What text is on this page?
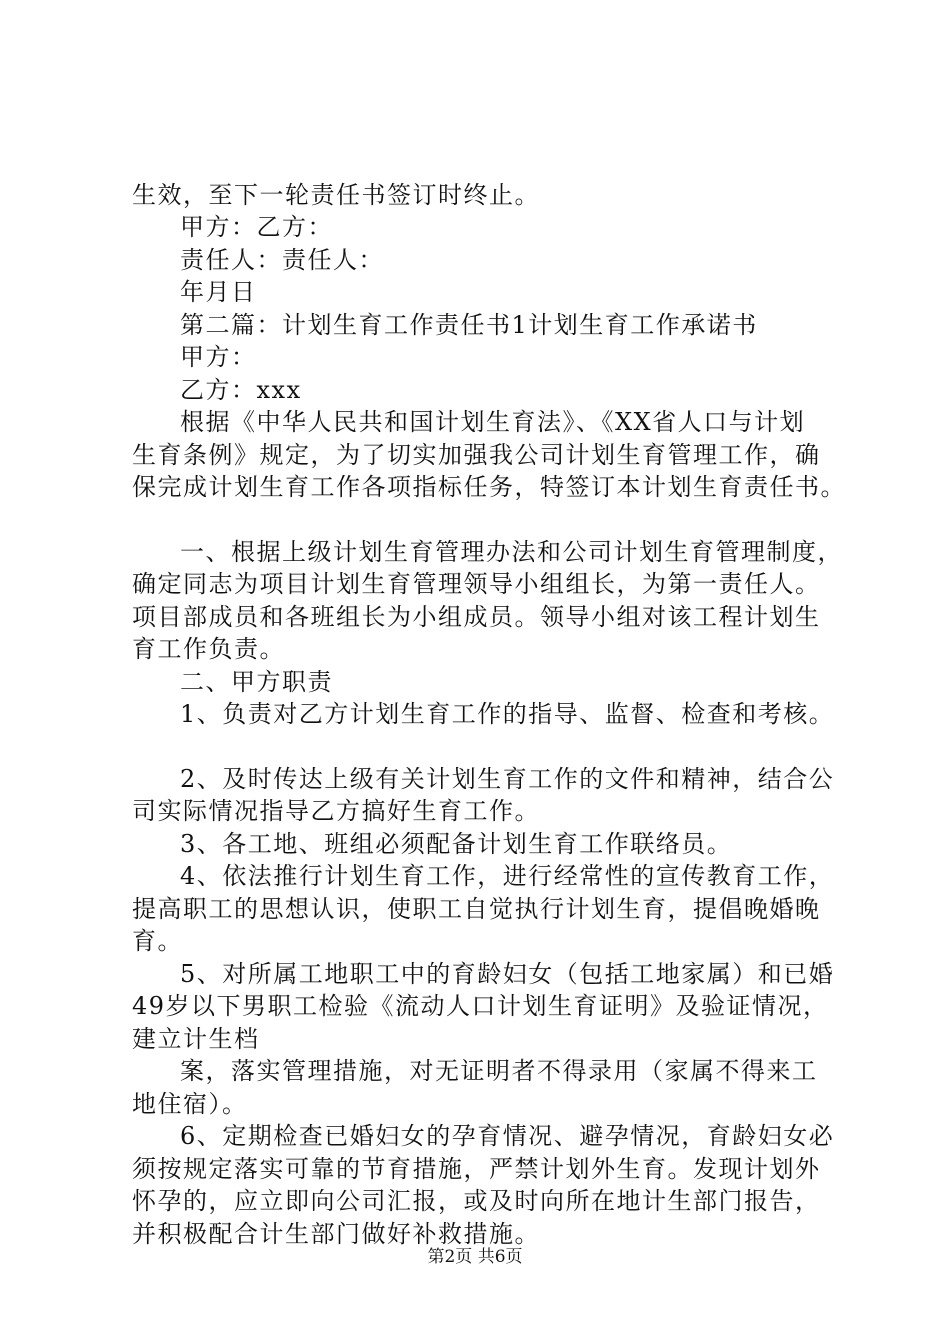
生效，至下一轮责任书签订时终止。
甲方：乙方：
责任人：责任人：
年月日
第二篇：计划生育工作责任书1计划生育工作承诺书
甲方：
乙方：xxx
根据《中华人民共和国计划生育法》、《XX省人口与计划
生育条例》规定，为了切实加强我公司计划生育管理工作，确
保完成计划生育工作各项指标任务，特签订本计划生育责任书。
一、根据上级计划生育管理办法和公司计划生育管理制度，
确定同志为项目计划生育管理领导小组组长，为第一责任人。
项目部成员和各班组长为小组成员。领导小组对该工程计划生
育工作负责。
二、甲方职责
1、负责对乙方计划生育工作的指导、监督、检查和考核。
2、及时传达上级有关计划生育工作的文件和精神，结合公
司实际情况指导乙方搞好生育工作。
3、各工地、班组必须配备计划生育工作联络员。
4、依法推行计划生育工作，进行经常性的宣传教育工作，
提高职工的思想认识，使职工自觉执行计划生育，提倡晚婚晚
育。
5、对所属工地职工中的育龄妇女（包括工地家属）和已婚
49岁以下男职工检验《流动人口计划生育证明》及验证情况，
建立计生档
案，落实管理措施，对无证明者不得录用（家属不得来工
地住宿）。
6、定期检查已婚妇女的孕育情况、避孕情况，育龄妇女必
须按规定落实可靠的节育措施，严禁计划外生育。发现计划外
怀孕的，应立即向公司汇报，或及时向所在地计生部门报告，
并积极配合计生部门做好补救措施。
第2页 共6页
